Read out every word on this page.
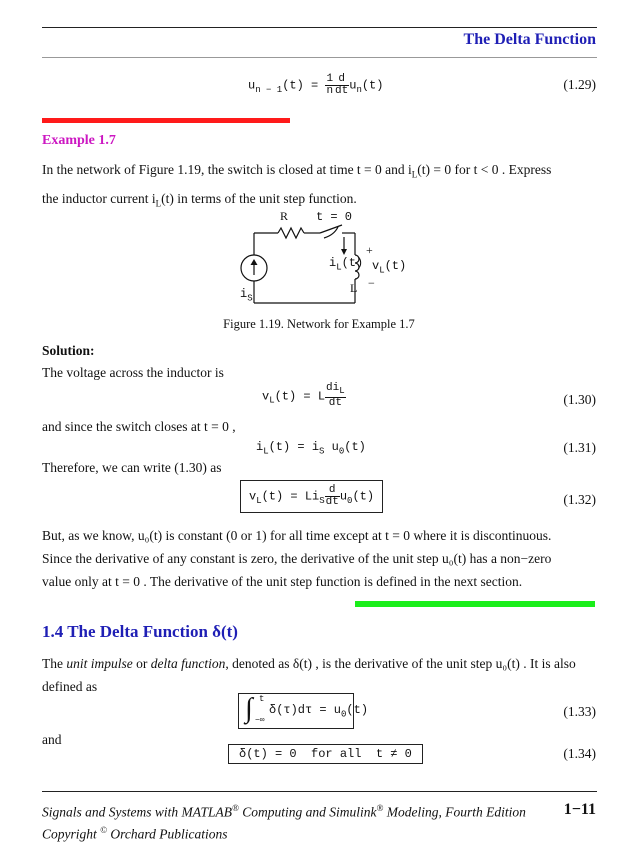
The Delta Function
$u_{n - 1}(t) = \frac{1}{n} \frac{d}{dt} u_n(t)$	(1.29)
Example 1.7
In the network of Figure 1.19, the switch is closed at time t = 0 and $i_L(t) = 0$ for t < 0 . Express
the inductor current $i_L(t)$ in terms of the unit step function.
R t = 0
+
$i_L(t)$ $v_L(t)$
L −
$i_S$
Figure 1.19. Network for Example 1.7
Solution:
The voltage across the inductor is
$v_L(t) = L \frac{di_L}{dt}$	(1.30)
and since the switch closes at t = 0 ,
$i_L(t) = i_S$ $u_0(t)$	(1.31)
Therefore, we can write (1.30) as
$v_L(t) = Li_S \frac{d}{dt} u_0(t)$	(1.32)
But, as we know, u₀(t) is constant (0 or 1) for all time except at t = 0 where it is discontinuous.
Since the derivative of any constant is zero, the derivative of the unit step u₀(t) has a non−zero
value only at t = 0 . The derivative of the unit step function is defined in the next section.
1.4 The Delta Function δ(t)
The unit impulse or delta function, denoted as δ(t) , is the derivative of the unit step u₀(t) . It is also
defined as
t
∫ −∞
$\delta(\tau)d\tau = u_0(t)$	(1.33)
and
δ(t) = 0  for all  t ≠ 0	(1.34)
Signals and Systems with MATLAB® Computing and Simulink® Modeling, Fourth Edition 1−11
Copyright © Orchard Publications
